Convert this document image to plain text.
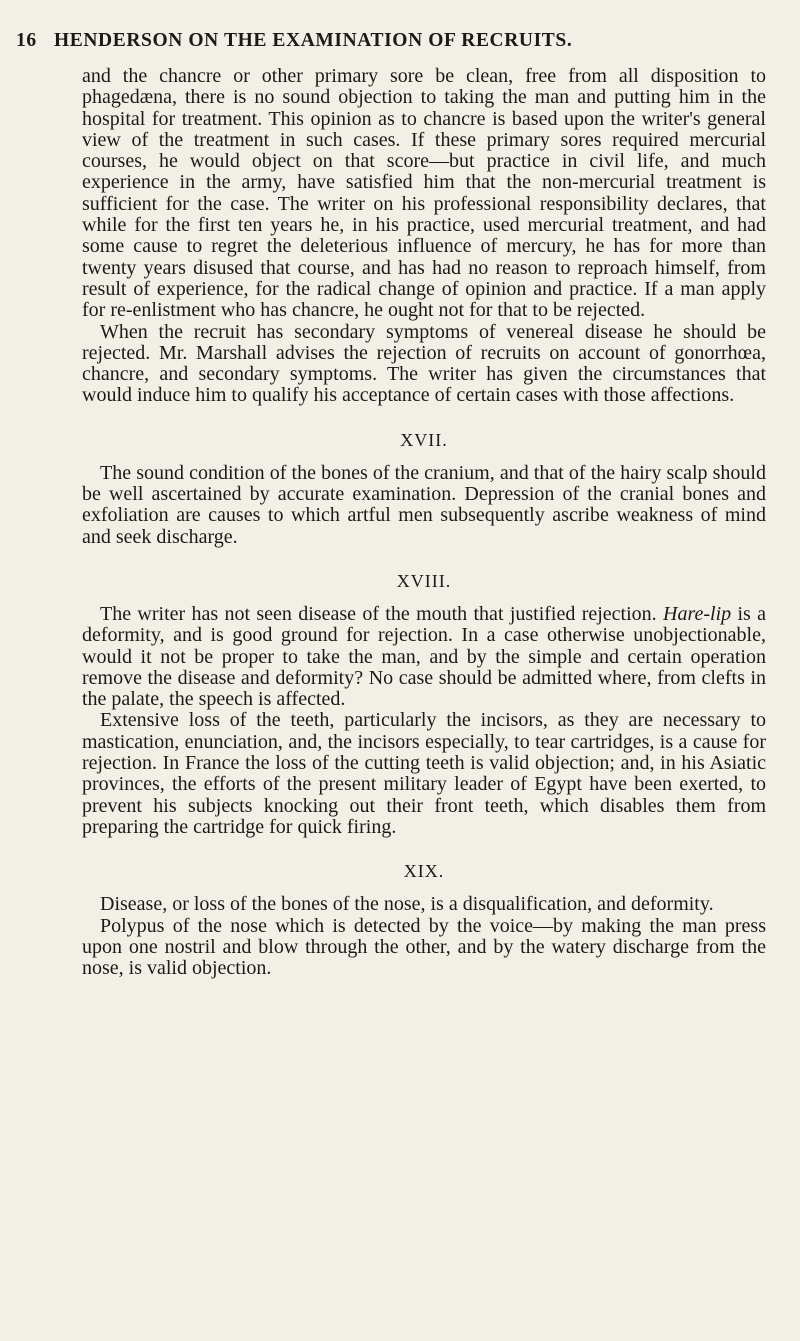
16 HENDERSON ON THE EXAMINATION OF RECRUITS.

and the chancre or other primary sore be clean, free from all disposition to phagedæna, there is no sound objection to taking the man and putting him in the hospital for treatment. This opinion as to chancre is based upon the writer's general view of the treatment in such cases. If these primary sores required mercurial courses, he would object on that score—but practice in civil life, and much experience in the army, have satisfied him that the non-mercurial treatment is sufficient for the case. The writer on his professional responsibility declares, that while for the first ten years he, in his practice, used mercurial treatment, and had some cause to regret the deleterious influence of mercury, he has for more than twenty years disused that course, and has had no reason to reproach himself, from result of experience, for the radical change of opinion and practice. If a man apply for re-enlistment who has chancre, he ought not for that to be rejected.

When the recruit has secondary symptoms of venereal disease he should be rejected. Mr. Marshall advises the rejection of recruits on account of gonorrhœa, chancre, and secondary symptoms. The writer has given the circumstances that would induce him to qualify his acceptance of certain cases with those affections.

XVII.

The sound condition of the bones of the cranium, and that of the hairy scalp should be well ascertained by accurate examination. Depression of the cranial bones and exfoliation are causes to which artful men subsequently ascribe weakness of mind and seek discharge.

XVIII.

The writer has not seen disease of the mouth that justified rejection. Hare-lip is a deformity, and is good ground for rejection. In a case otherwise unobjectionable, would it not be proper to take the man, and by the simple and certain operation remove the disease and deformity? No case should be admitted where, from clefts in the palate, the speech is affected.

Extensive loss of the teeth, particularly the incisors, as they are necessary to mastication, enunciation, and, the incisors especially, to tear cartridges, is a cause for rejection. In France the loss of the cutting teeth is valid objection; and, in his Asiatic provinces, the efforts of the present military leader of Egypt have been exerted, to prevent his subjects knocking out their front teeth, which disables them from preparing the cartridge for quick firing.

XIX.

Disease, or loss of the bones of the nose, is a disqualification, and deformity.

Polypus of the nose which is detected by the voice—by making the man press upon one nostril and blow through the other, and by the watery discharge from the nose, is valid objection.
